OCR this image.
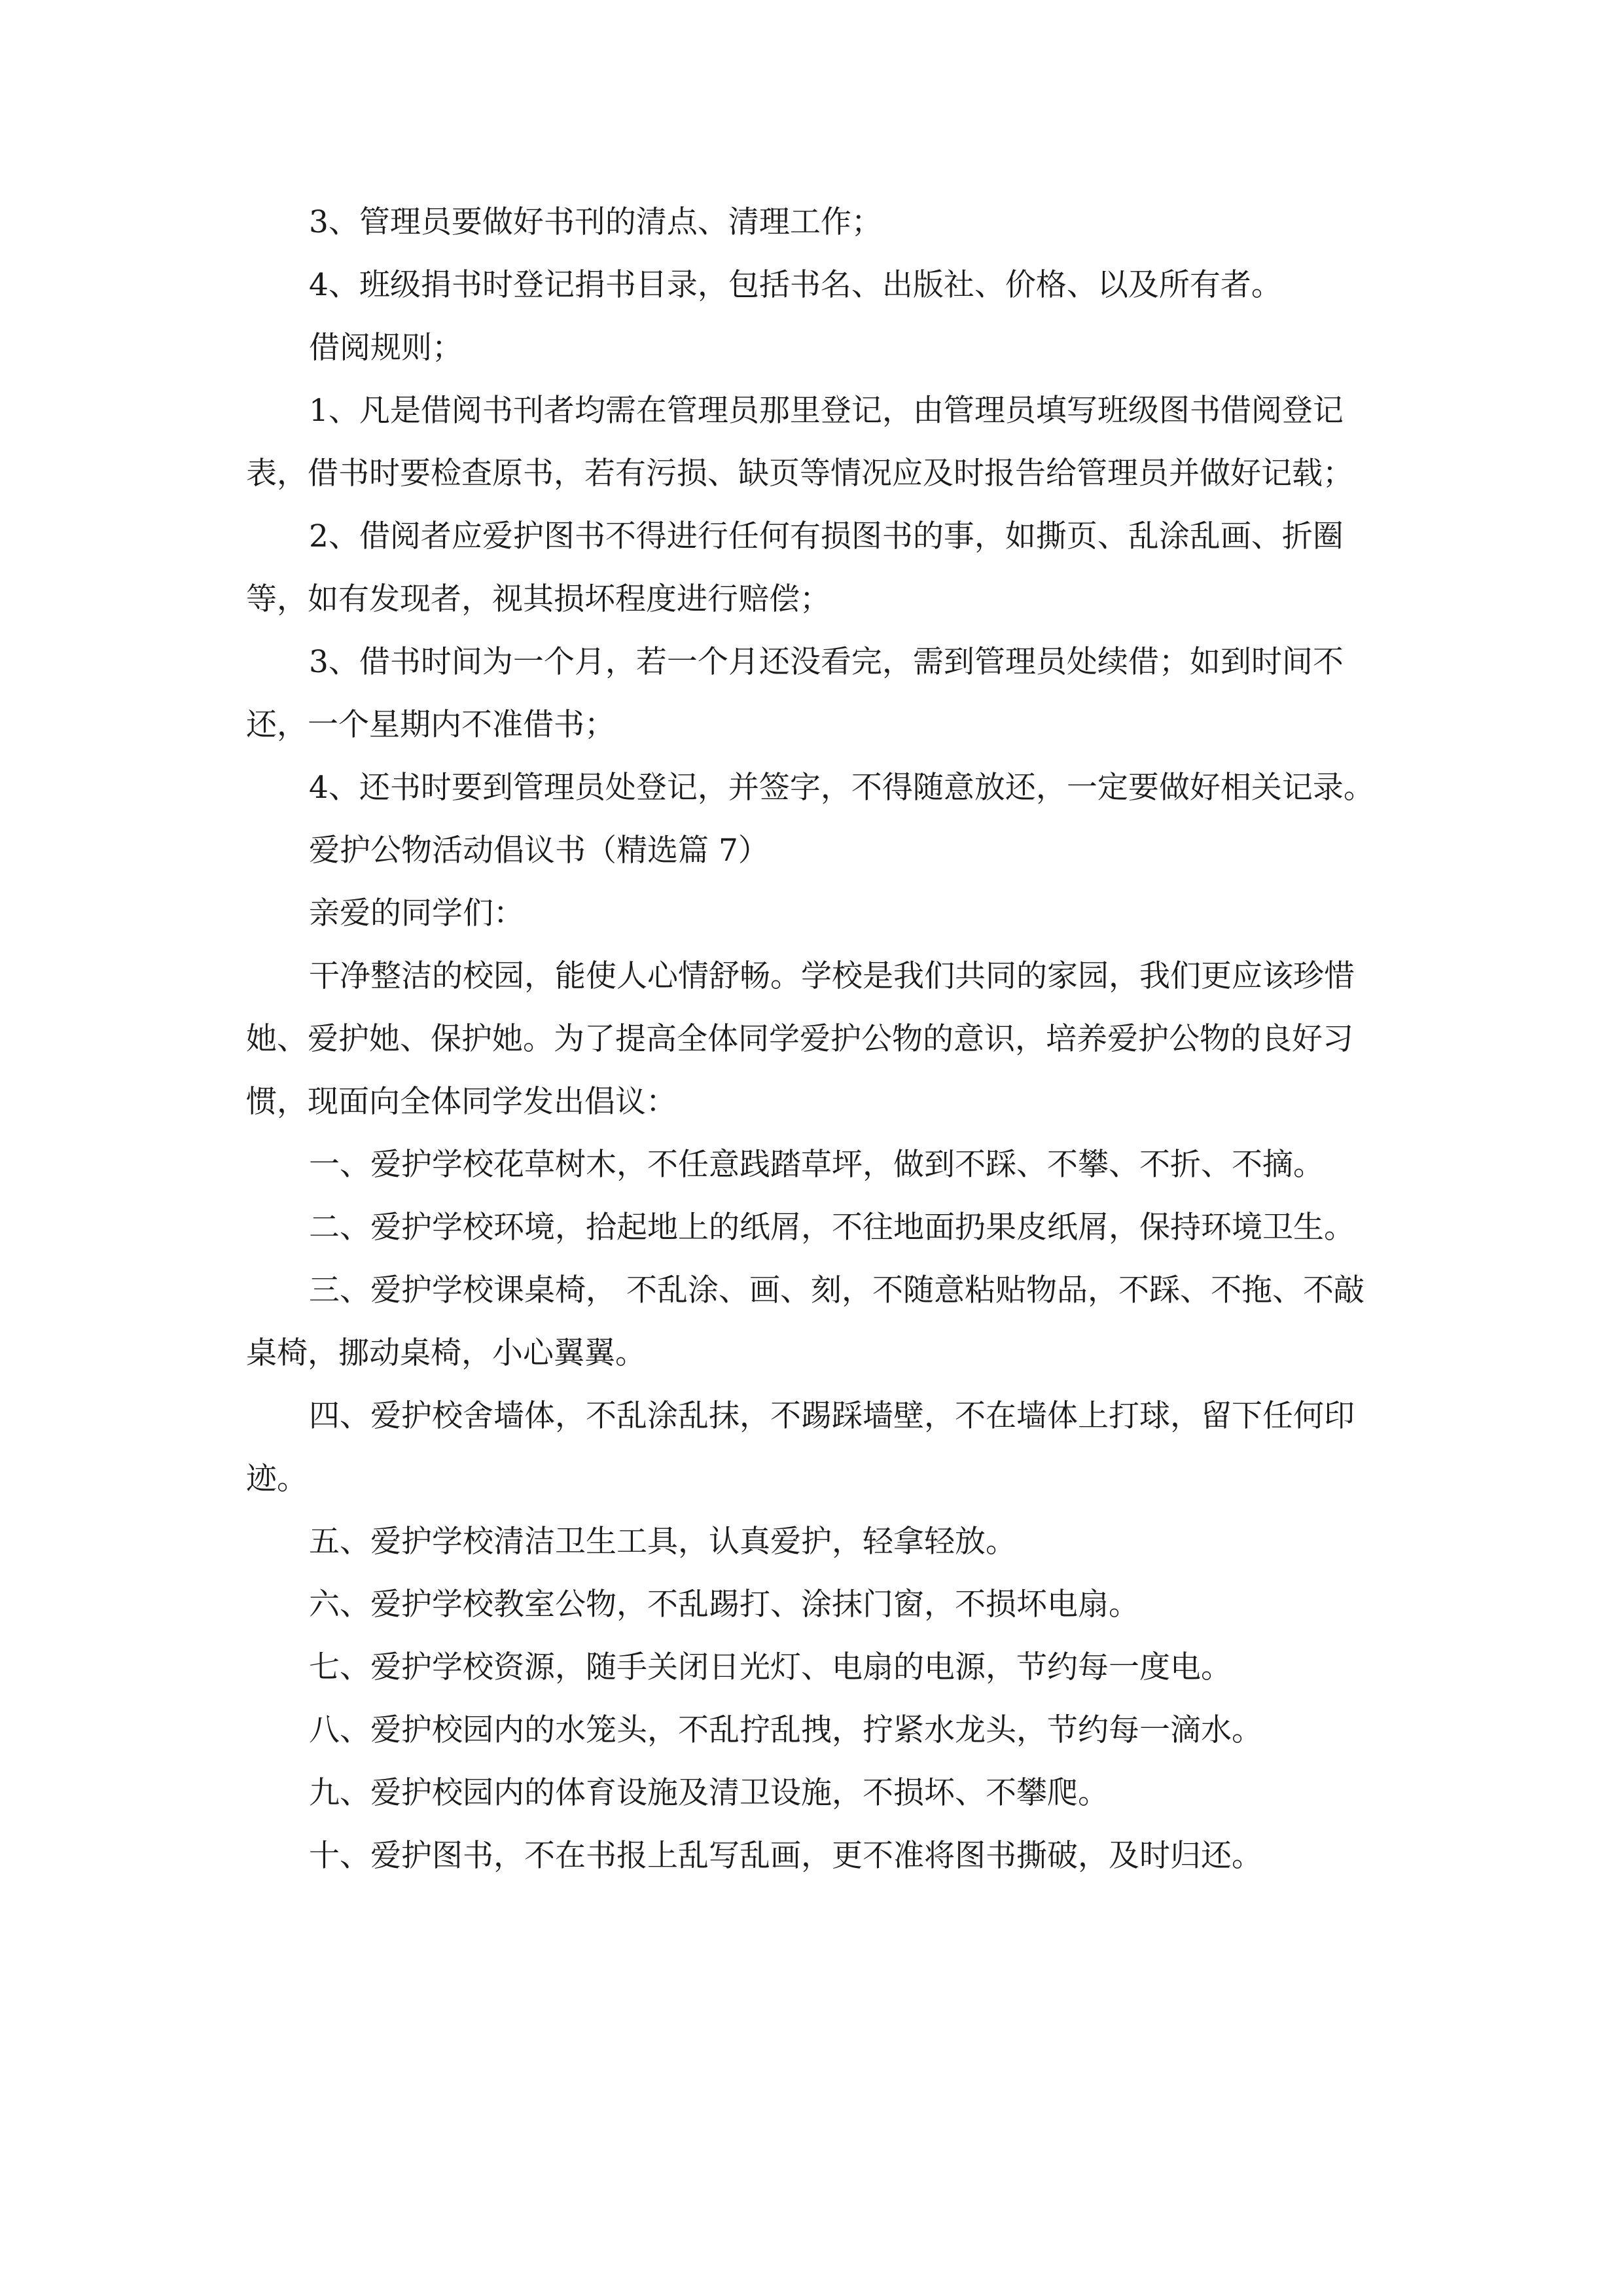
3、管理员要做好书刊的清点、清理工作；

4、班级捐书时登记捐书目录，包括书名、出版社、价格、以及所有者。

借阅规则；

1、凡是借阅书刊者均需在管理员那里登记，由管理员填写班级图书借阅登记表，借书时要检查原书，若有污损、缺页等情况应及时报告给管理员并做好记载；

2、借阅者应爱护图书不得进行任何有损图书的事，如撕页、乱涂乱画、折圈等，如有发现者，视其损坏程度进行赔偿；

3、借书时间为一个月，若一个月还没看完，需到管理员处续借；如到时间不还，一个星期内不准借书；

4、还书时要到管理员处登记，并签字，不得随意放还，一定要做好相关记录。

爱护公物活动倡议书（精选篇 7）

亲爱的同学们：

干净整洁的校园，能使人心情舒畅。学校是我们共同的家园，我们更应该珍惜她、爱护她、保护她。为了提高全体同学爱护公物的意识，培养爱护公物的良好习惯，现面向全体同学发出倡议：

一、爱护学校花草树木，不任意践踏草坪，做到不踩、不攀、不折、不摘。

二、爱护学校环境，拾起地上的纸屑，不往地面扔果皮纸屑，保持环境卫生。

三、爱护学校课桌椅， 不乱涂、画、刻，不随意粘贴物品，不踩、不拖、不敲桌椅，挪动桌椅，小心翼翼。

四、爱护校舍墙体，不乱涂乱抹，不踢踩墙壁，不在墙体上打球，留下任何印迹。

五、爱护学校清洁卫生工具，认真爱护，轻拿轻放。

六、爱护学校教室公物，不乱踢打、涂抹门窗，不损坏电扇。

七、爱护学校资源，随手关闭日光灯、电扇的电源，节约每一度电。

八、爱护校园内的水笼头，不乱拧乱拽，拧紧水龙头，节约每一滴水。

九、爱护校园内的体育设施及清卫设施，不损坏、不攀爬。

十、爱护图书，不在书报上乱写乱画，更不准将图书撕破，及时归还。
